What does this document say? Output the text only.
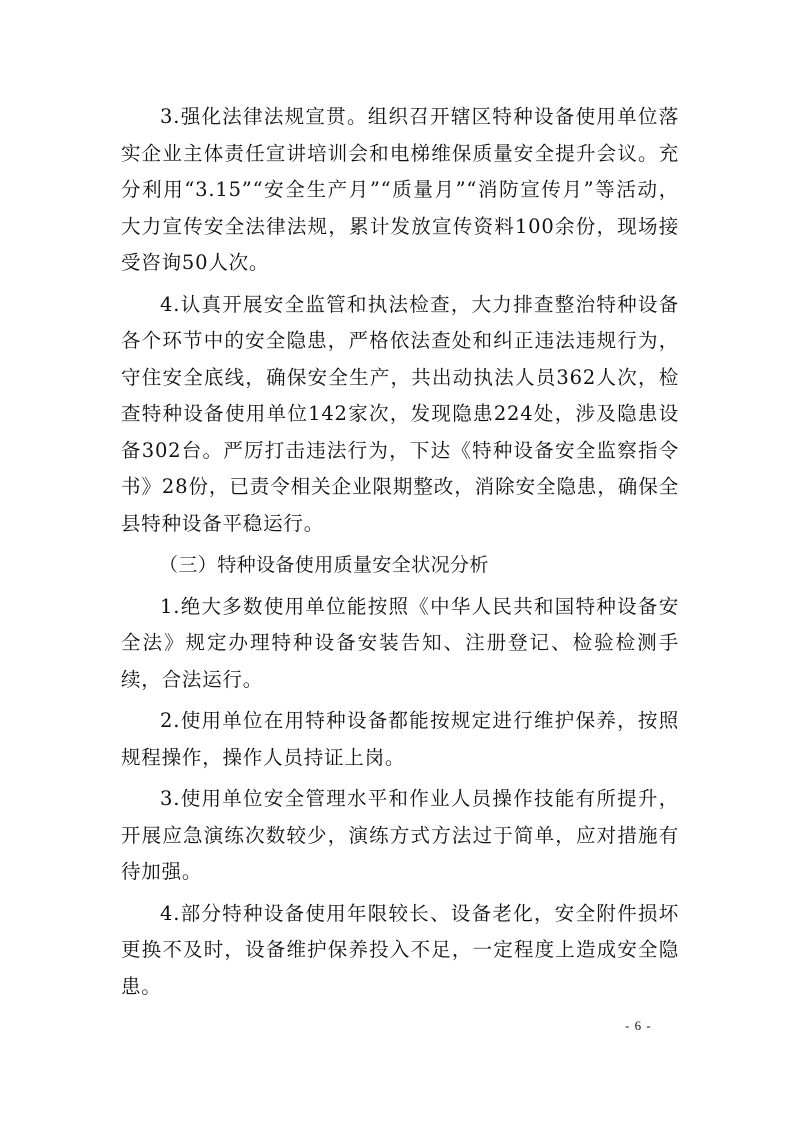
3.强化法律法规宣贯。组织召开辖区特种设备使用单位落实企业主体责任宣讲培训会和电梯维保质量安全提升会议。充分利用“3.15”“安全生产月”“质量月”“消防宣传月”等活动，大力宣传安全法律法规，累计发放宣传资料100余份，现场接受咨询50人次。

4.认真开展安全监管和执法检查，大力排查整治特种设备各个环节中的安全隐患，严格依法查处和纠正违法违规行为，守住安全底线，确保安全生产，共出动执法人员362人次，检查特种设备使用单位142家次，发现隐患224处，涉及隐患设备302台。严厉打击违法行为，下达《特种设备安全监察指令书》28份，已责令相关企业限期整改，消除安全隐患，确保全县特种设备平稳运行。

（三）特种设备使用质量安全状况分析

1.绝大多数使用单位能按照《中华人民共和国特种设备安全法》规定办理特种设备安装告知、注册登记、检验检测手续，合法运行。

2.使用单位在用特种设备都能按规定进行维护保养，按照规程操作，操作人员持证上岗。

3.使用单位安全管理水平和作业人员操作技能有所提升，开展应急演练次数较少，演练方式方法过于简单，应对措施有待加强。

4.部分特种设备使用年限较长、设备老化，安全附件损坏更换不及时，设备维护保养投入不足，一定程度上造成安全隐患。

- 6 -
